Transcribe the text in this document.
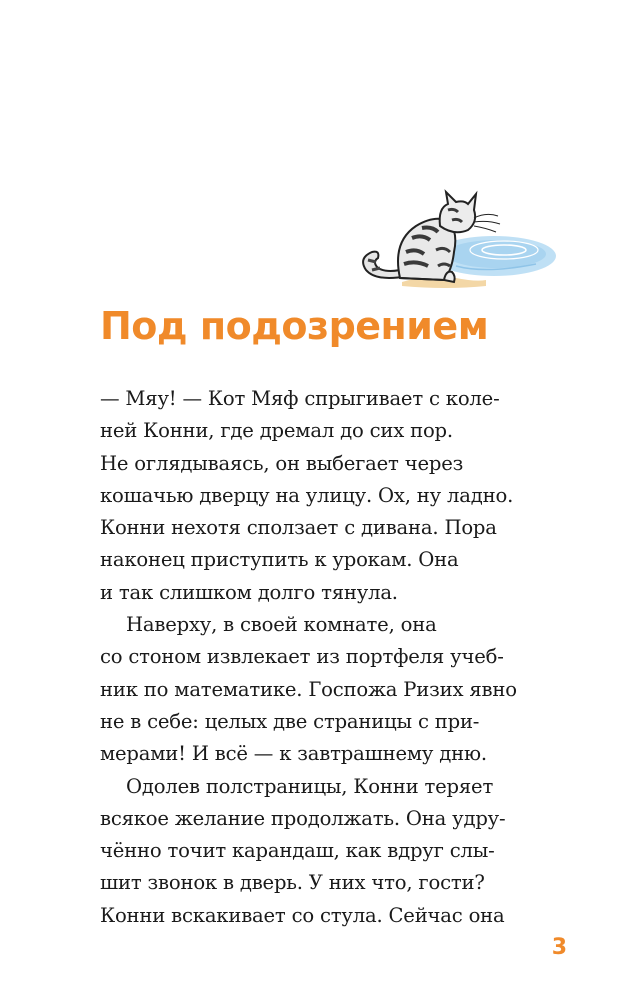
Под подозрением
— Мяу! — Кот Мяф спрыгивает с коле-
ней Конни, где дремал до сих пор.
Не оглядываясь, он выбегает через
кошачью дверцу на улицу. Ох, ну ладно.
Конни нехотя сползает с дивана. Пора
наконец приступить к урокам. Она
и так слишком долго тянула.
Наверху, в своей комнате, она
со стоном извлекает из портфеля учеб-
ник по математике. Госпожа Ризих явно
не в себе: целых две страницы с при-
мерами! И всё — к завтрашнему дню.
Одолев полстраницы, Конни теряет
всякое желание продолжать. Она удру-
чённо точит карандаш, как вдруг слы-
шит звонок в дверь. У них что, гости?
Конни вскакивает со стула. Сейчас она
3
